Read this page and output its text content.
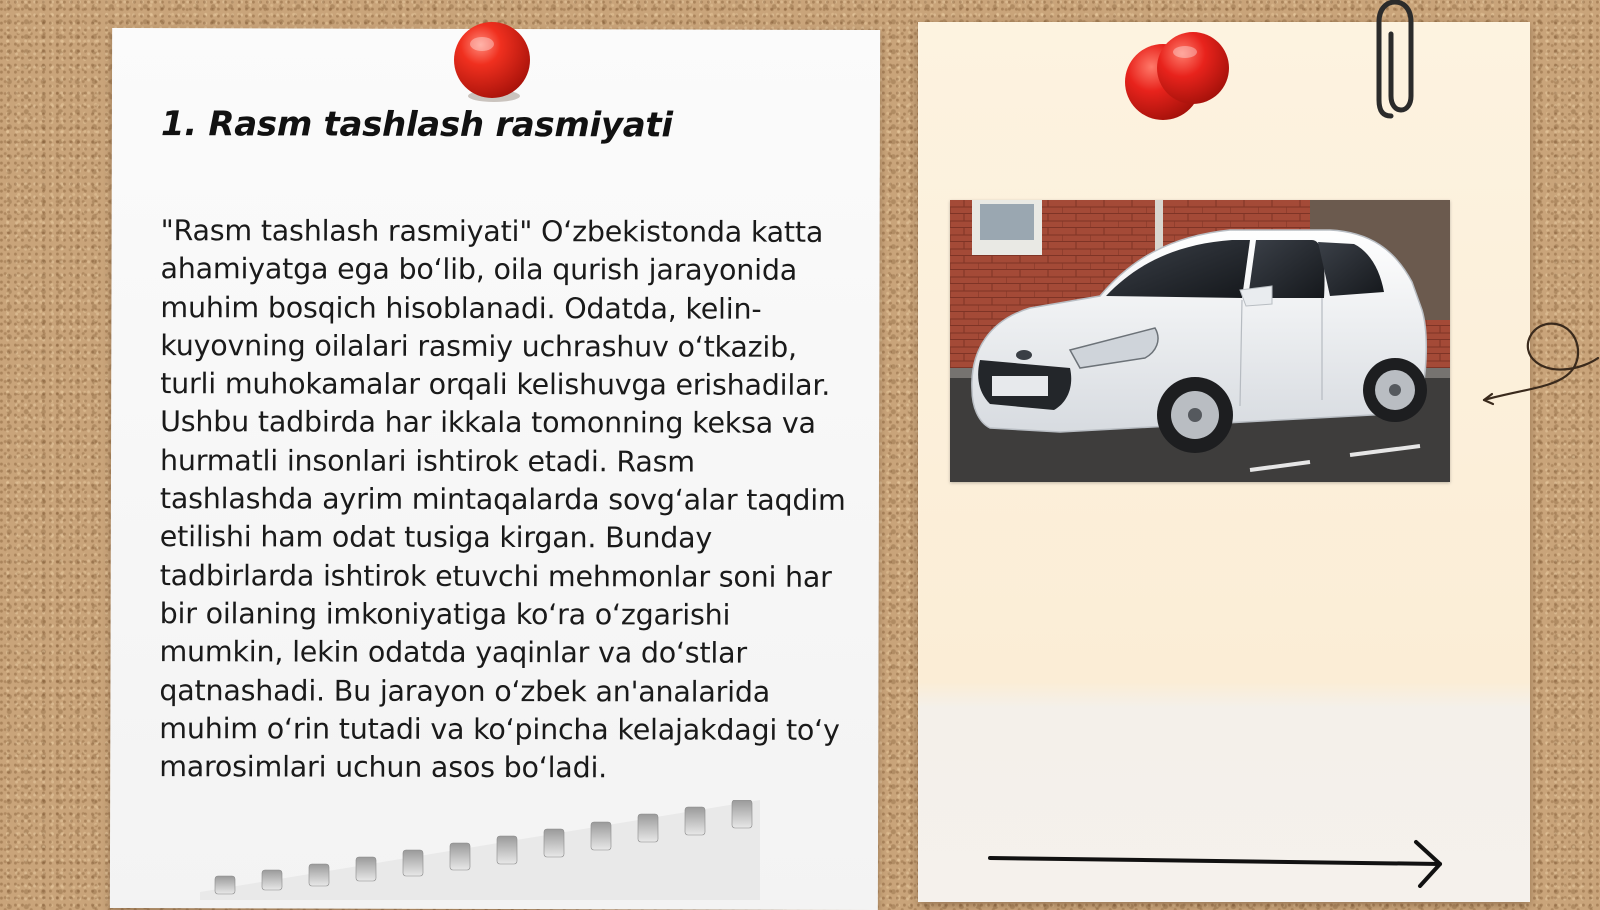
1. Rasm tashlash rasmiyati

"Rasm tashlash rasmiyati" O‘zbekistonda katta ahamiyatga ega bo‘lib, oila qurish jarayonida muhim bosqich hisoblanadi. Odatda, kelin-kuyovning oilalari rasmiy uchrashuv o‘tkazib, turli muhokamalar orqali kelishuvga erishadilar. Ushbu tadbirda har ikkala tomonning keksa va hurmatli insonlari ishtirok etadi. Rasm tashlashda ayrim mintaqalarda sovg‘alar taqdim etilishi ham odat tusiga kirgan. Bunday tadbirlarda ishtirok etuvchi mehmonlar soni har bir oilaning imkoniyatiga ko‘ra o‘zgarishi mumkin, lekin odatda yaqinlar va do‘stlar qatnashadi. Bu jarayon o‘zbek an'analarida muhim o‘rin tutadi va ko‘pincha kelajakdagi to‘y marosimlari uchun asos bo‘ladi.
